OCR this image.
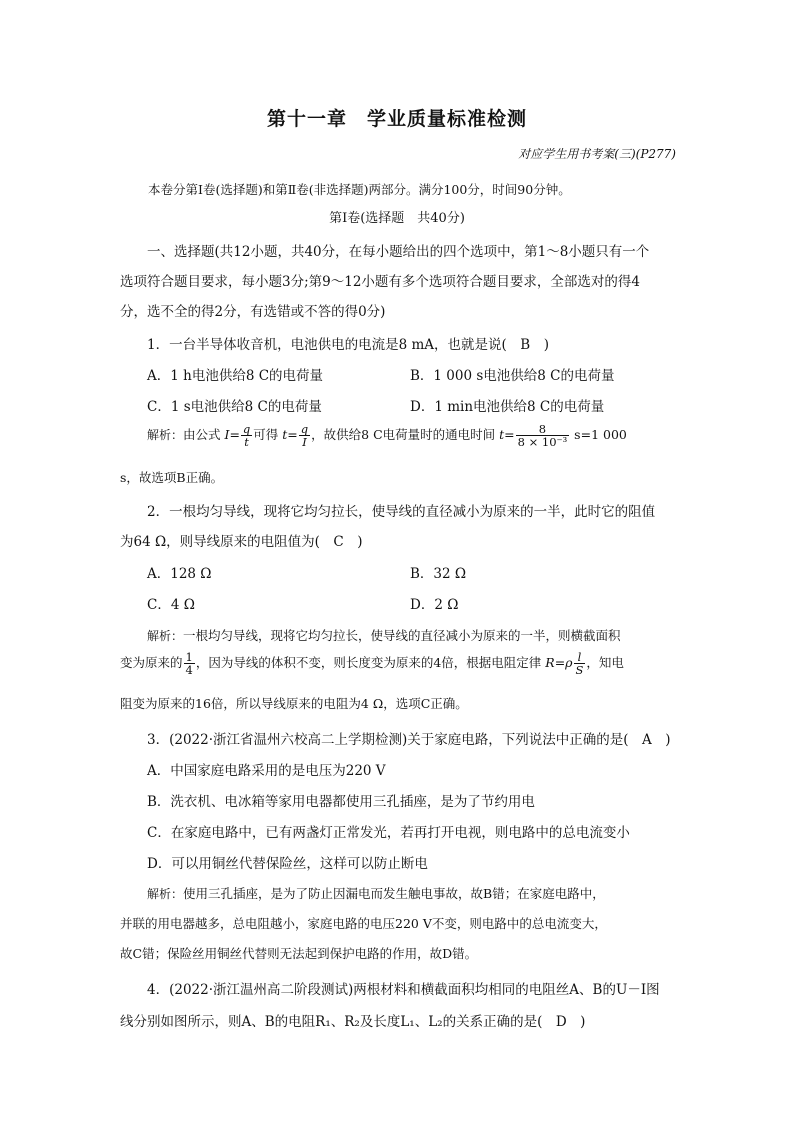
第十一章　学业质量标准检测
对应学生用书考案(三)(P277)
本卷分第Ⅰ卷(选择题)和第Ⅱ卷(非选择题)两部分。满分100分，时间90分钟。
第Ⅰ卷(选择题　共40分)
一、选择题(共12小题，共40分，在每小题给出的四个选项中，第1～8小题只有一个
选项符合题目要求，每小题3分;第9～12小题有多个选项符合题目要求，全部选对的得4
分，选不全的得2分，有选错或不答的得0分)
1．一台半导体收音机，电池供电的电流是8 mA，也就是说(　B　)
A．1 h电池供给8 C的电荷量	B．1 000 s电池供给8 C的电荷量
C．1 s电池供给8 C的电荷量	D．1 min电池供给8 C的电荷量
解析：由公式 $I= \frac{q}{t}$ 可得 $t= \frac{q}{I}$ ，故供给8 C电荷量时的通电时间 $t= \frac{8}{\text{8 × 10⁻³}} s=1$ 000
s，故选项B正确。
2．一根均匀导线，现将它均匀拉长，使导线的直径减小为原来的一半，此时它的阻值
为64 Ω，则导线原来的电阻值为(　C　)
A．128 Ω	B．32 Ω
C．4 Ω	D．2 Ω
解析：一根均匀导线，现将它均匀拉长，使导线的直径减小为原来的一半，则横截面积
变为原来的 $\frac{1}{4}$ ，因为导线的体积不变，则长度变为原来的4倍，根据电阻定律 $R=\rho \frac{l}{S}$ ，知电
阻变为原来的16倍，所以导线原来的电阻为4 Ω，选项C正确。
3．(2022·浙江省温州六校高二上学期检测)关于家庭电路，下列说法中正确的是(　A　)
A．中国家庭电路采用的是电压为220 V
B．洗衣机、电冰箱等家用电器都使用三孔插座，是为了节约用电
C．在家庭电路中，已有两盏灯正常发光，若再打开电视，则电路中的总电流变小
D．可以用铜丝代替保险丝，这样可以防止断电
解析：使用三孔插座，是为了防止因漏电而发生触电事故，故B错；在家庭电路中，
并联的用电器越多，总电阻越小，家庭电路的电压220 V不变，则电路中的总电流变大，
故C错；保险丝用铜丝代替则无法起到保护电路的作用，故D错。
4．(2022·浙江温州高二阶段测试)两根材料和横截面积均相同的电阻丝A、B的U－I图
线分别如图所示，则A、B的电阻R₁、R₂及长度L₁、L₂的关系正确的是(　D　)
